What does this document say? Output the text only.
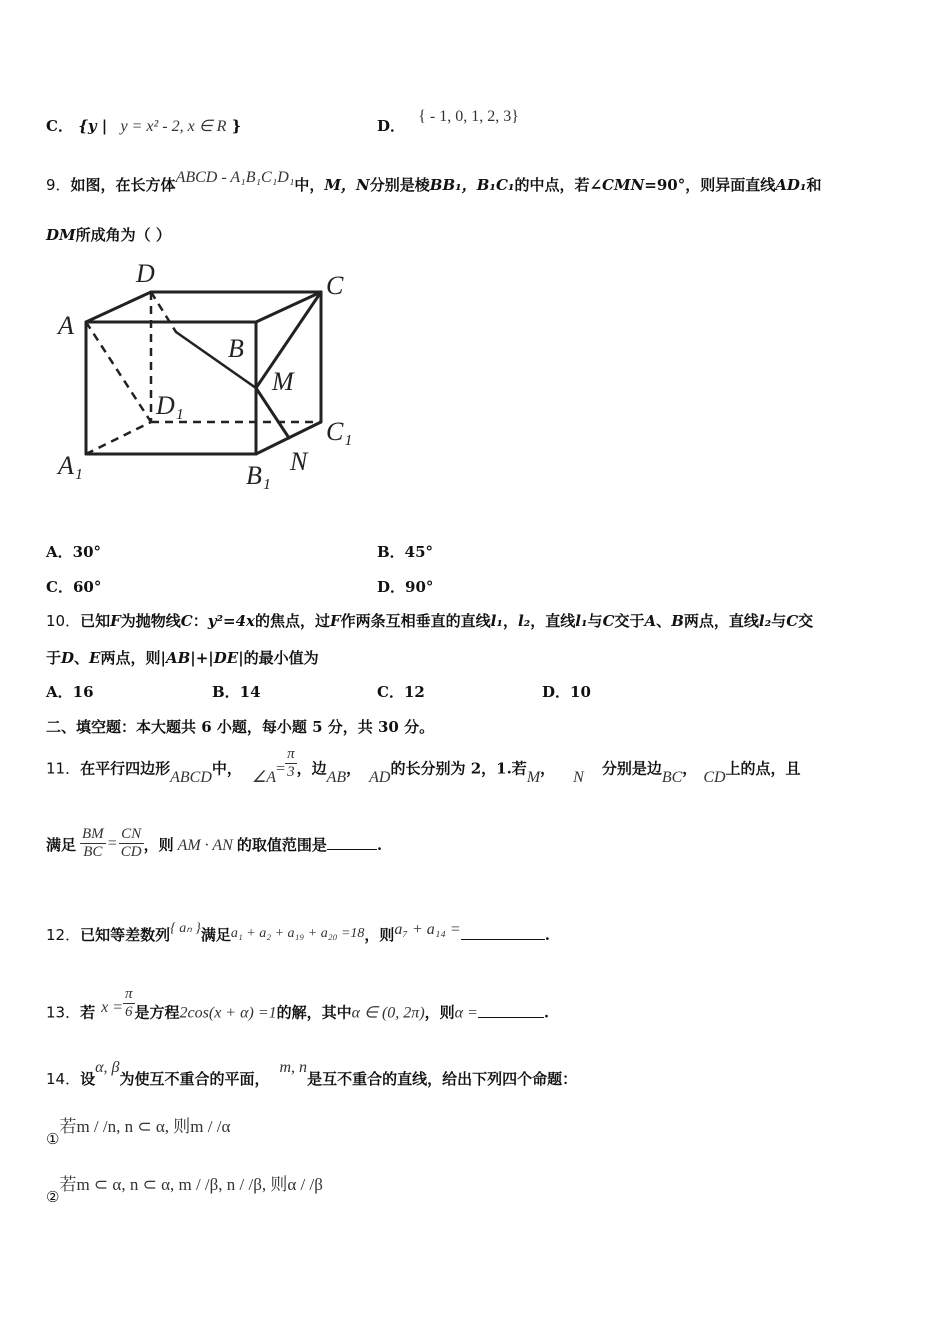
C． {y | y = x² - 2, x ∈ R }	D． { - 1, 0, 1, 2, 3}
9．如图，在长方体ABCD - A₁B₁C₁D₁中，M，N分别是棱BB₁，B₁C₁的中点，若∠CMN=90°，则异面直线AD₁和
DM所成角为（ ）
D	C
A
B
M
D₁
C₁
A₁	B₁ N
A．30°	B．45°
C．60°	D．90°
10．已知F为抛物线C：y²=4x的焦点，过F作两条互相垂直的直线l₁，l₂，直线l₁与C交于A、B两点，直线l₂与C交
于D、E两点，则|AB|+|DE|的最小值为
A．16	B．14	C．12	D．10
二、填空题：本大题共 6 小题，每小题 5 分，共 30 分。
11．在平行四边形ABCD中， ∠A= $\frac{\pi}{3}$ ，边AB， AD的长分别为 2，1.若M， N 分别是边BC， CD上的点，且
满足 $\frac{BM}{BC} = \frac{CN}{CD}$ ，则 AM · AN 的取值范围是	.
12．已知等差数列{ aₙ }满足a₁ + a₂ + a₁₉ + a₂₀ =18，则a₇ + a₁₄ =	.
13．若 $x = \frac{\pi}{6}$ 是方程2cos(x + α) =1的解，其中α ∈ (0, 2π)，则α =	.
14．设α, β为使互不重合的平面，m, n是互不重合的直线，给出下列四个命题：
①若m / /n, n ⊂ α, 则m / /α
②若m ⊂ α, n ⊂ α, m / /β, n / /β, 则α / /β
